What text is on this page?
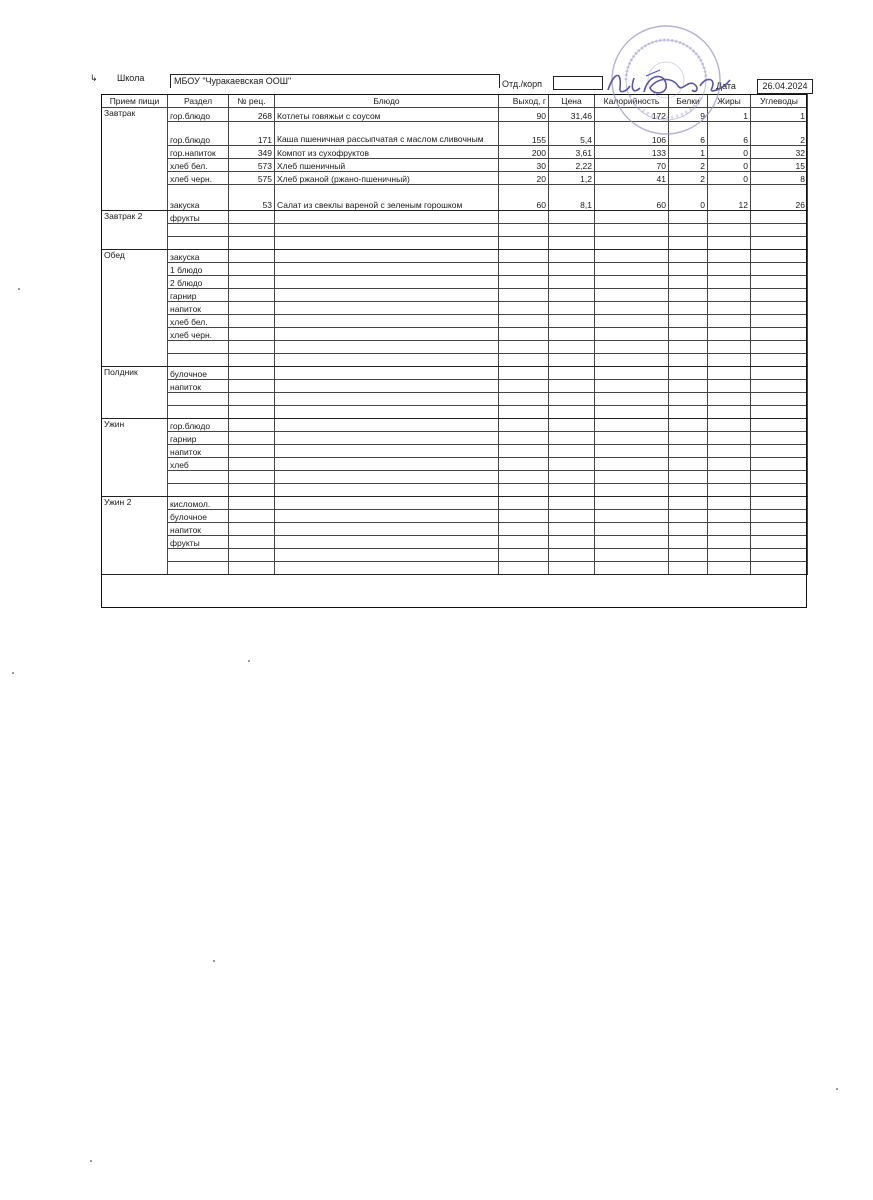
↳ Школа	МБОУ "Чуракаевская ООШ"	Отд./корп	Дата	26.04.2024
Прием пищи	Раздел	№ рец.	Блюдо	Выход, г	Цена	Калорийность	Белки	Жиры	Углеводы
Завтрак	гор.блюдо	268	Котлеты говяжьи с соусом	90	31,46	172	9	1	1
	гор.блюдо	171	Каша пшеничная рассыпчатая с маслом сливочным	155	5,4	106	6	6	2
	гор.напиток	349	Компот из сухофруктов	200	3,61	133	1	0	32
	хлеб бел.	573	Хлеб пшеничный	30	2,22	70	2	0	15
	хлеб черн.	575	Хлеб ржаной (ржано-пшеничный)	20	1,2	41	2	0	8
	закуска	53	Салат из свеклы вареной с зеленым горошком	60	8,1	60	0	12	26
Завтрак 2	фрукты								

Обед	закуска								
	1 блюдо								
	2 блюдо								
	гарнир								
	напиток								
	хлеб бел.								
	хлеб черн.								

Полдник	булочное								
	напиток								

Ужин	гор.блюдо								
	гарнир								
	напиток								
	хлеб								

Ужин 2	кисломол.								
	булочное								
	напиток								
	фрукты								
